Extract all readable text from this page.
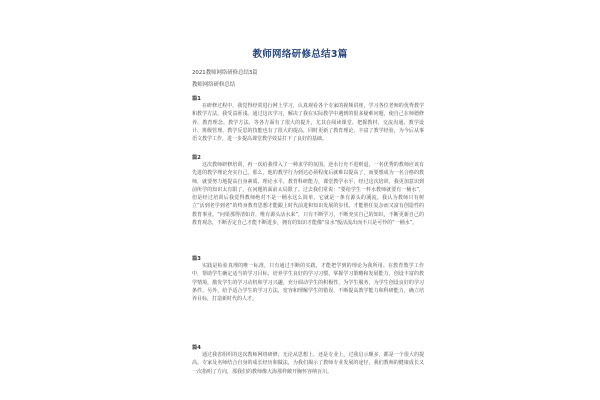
教师网络研修总结3篇
2021教师网络研修总结3篇
教师网络研修总结
篇1
在研修过程中，我觉得经常进行网上学习，认真观看各个专家的视频讲座，学习各位老师的优秀教学和教学方法，我受益匪浅。通过这次学习，解决了我在实际教学中遇到的很多疑难问题，使自己在师德修养、教育理念、教学方法、等各方面有了很大的提升，尤其在阅读课堂、把握教材、交流沟通、教学设计、班级管理、教学反思的技能也有了很大的提高，同时更新了教育理论，丰富了教学经验，为今后从事语文教学工作，进一步提高课堂教学效益打下了良好的基础。
篇2
这次教师研修培训，再一次给我带入了一种求学的氛围。逆水行舟不进则退，一名优秀的教师应该有先进的教学理论充实自己。那么，他的教学行为到达必须程度后就难以提高了，而要想成为一名合格的教师，就要努力地提高自身素质、理论水平、教育科研能力，课堂教学水平，经过这次培训，我更加意识到前所学的知识太有限了，在问题的面前太局限了。过去我们常说：“要给学生一杯水教师就要有一桶水”，但是经过培训后我觉得教师绝对不是一桶水这么简单，它就是一条有源头的溪流。我认为教师只有树立“活到老学到老”的终身教育思想才能跟上时代前进和知识发展的步伐。才能胜任复杂而又富有创造性的教育事业。“问渠那得清如许，唯有源头活水来”，只有不断学习，不断充实自己的知识，不断更新自己的教育观念，不断否定自己才能不断进步，拥有的知识才能像“泉水”般活流出而不只是可怜的“一桶水”。
篇3
实践是检验真理的唯一标准，只有通过不断的实践，才能把学到的理论为我所用。在教育教学工作中，帮助学生确定适当的学习目标，培养学生良好的学习习惯，掌握学习策略和发展能力，创设丰富的教学情境，激发学生的学习动机和学习兴趣，充分调动学生的积极性，为学生服务，为学生创设良好的学习条件。另外，给予适合学生的学习方法，宽容和理解学生的错误，不断提高教学能力和科研能力，确立培养目标，打造新时代的人才。
篇4
通过我省组织的这次教师网络研修，无论从思想上、还是专业上，过我启示颇多，都是一个很大的提高。专家及名师结合自身的成长经历和做法，为我们揭示了教师专业发展的途径，我们教师的健康成长又一次指明了方向，那我们的教师像大海那样敞开胸怀容纳百川。
